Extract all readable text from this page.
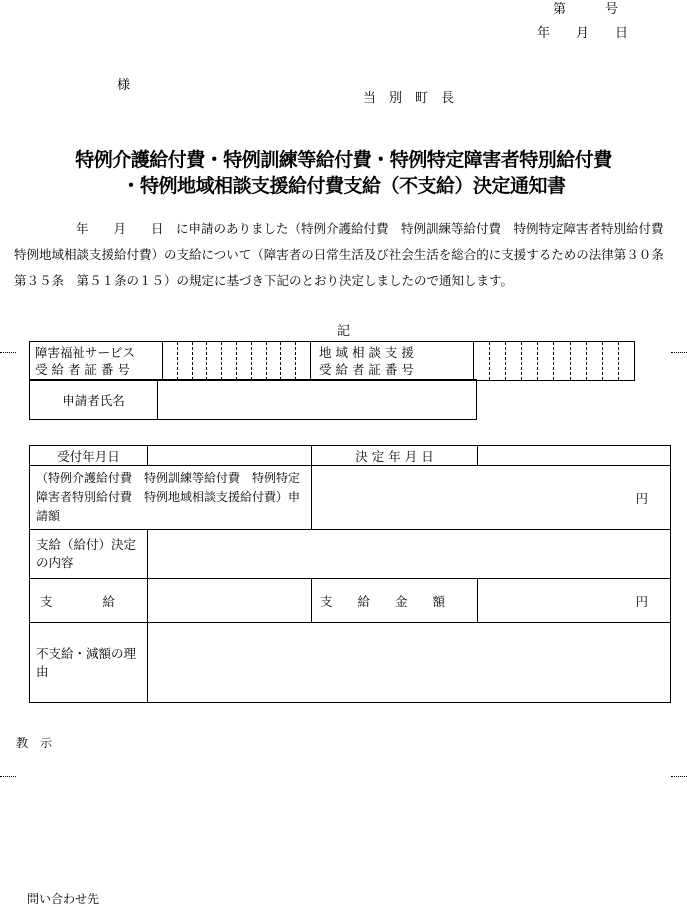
第　　　号
年　　月　　日
様
当　別　町　長
特例介護給付費・特例訓練等給付費・特例特定障害者特別給付費
・特例地域相談支援給付費支給（不支給）決定通知書

年　　月　　日　に申請のありました（特例介護給付費　特例訓練等給付費　特例特定障害者特別給付費　特例地域相談支援給付費）の支給について（障害者の日常生活及び社会生活を総合的に支援するための法律第３０条　第３５条　第５１条の１５）の規定に基づき下記のとおり決定しましたので通知します。

記
障害福祉サービス
受 給 者 証 番 号

地 域 相 談 支 援
受 給 者 証 番 号

申請者氏名	
受付年月日		決 定 年 月 日	
（特例介護給付費　特例訓練等給付費　特例特定障害者特別給付費　特例地域相談支援給付費）申請額		円	
支給（給付）決定の内容			
支　　　　給		支　　給　　金　　額	円
不支給・減額の理由			
教　示
問い合わせ先
